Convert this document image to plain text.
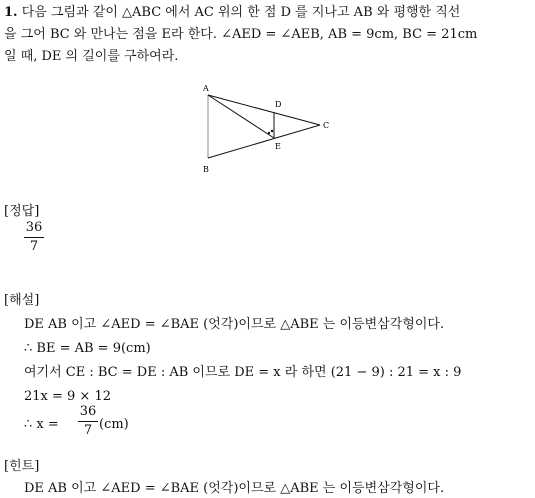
1. 다음 그림과 같이 △ABC 에서 AC 위의 한 점 D 를 지나고 AB 와 평행한 직선
을 그어 BC 와 만나는 점을 E라 한다. ∠AED = ∠AEB, AB = 9cm, BC = 21cm
일 때, DE 의 길이를 구하여라.
A
B
C
D
E
[정답]
36
7
[해설]
DE AB 이고 ∠AED = ∠BAE (엇각)이므로 △ABE 는 이등변삼각형이다.
∴ BE = AB = 9(cm)
여기서 CE : BC = DE : AB 이므로 DE = x 라 하면 (21 − 9) : 21 = x : 9
21x = 9 × 12
∴ x =
36
7 (cm)
[힌트]
DE AB 이고 ∠AED = ∠BAE (엇각)이므로 △ABE 는 이등변삼각형이다.
